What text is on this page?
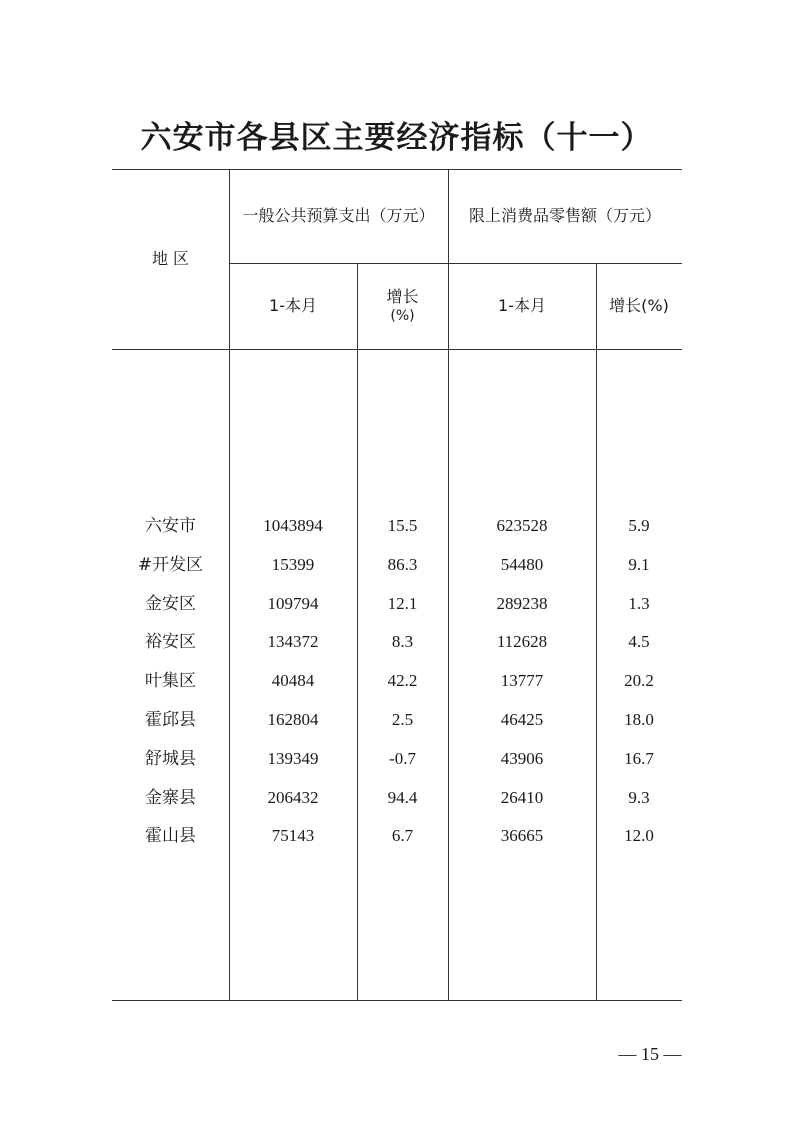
六安市各县区主要经济指标（十一）
地 区
一般公共预算支出（万元）	限上消费品零售额（万元）
1-本月	增长
(%)
1-本月	增长(%)
六安市	1043894	15.5	623528	5.9
#开发区	15399	86.3	54480	9.1
金安区	109794	12.1	289238	1.3
裕安区	134372	8.3	112628	4.5
叶集区	40484	42.2	13777	20.2
霍邱县	162804	2.5	46425	18.0
舒城县	139349	-0.7	43906	16.7
金寨县	206432	94.4	26410	9.3
霍山县	75143	6.7	36665	12.0
— 15 —
